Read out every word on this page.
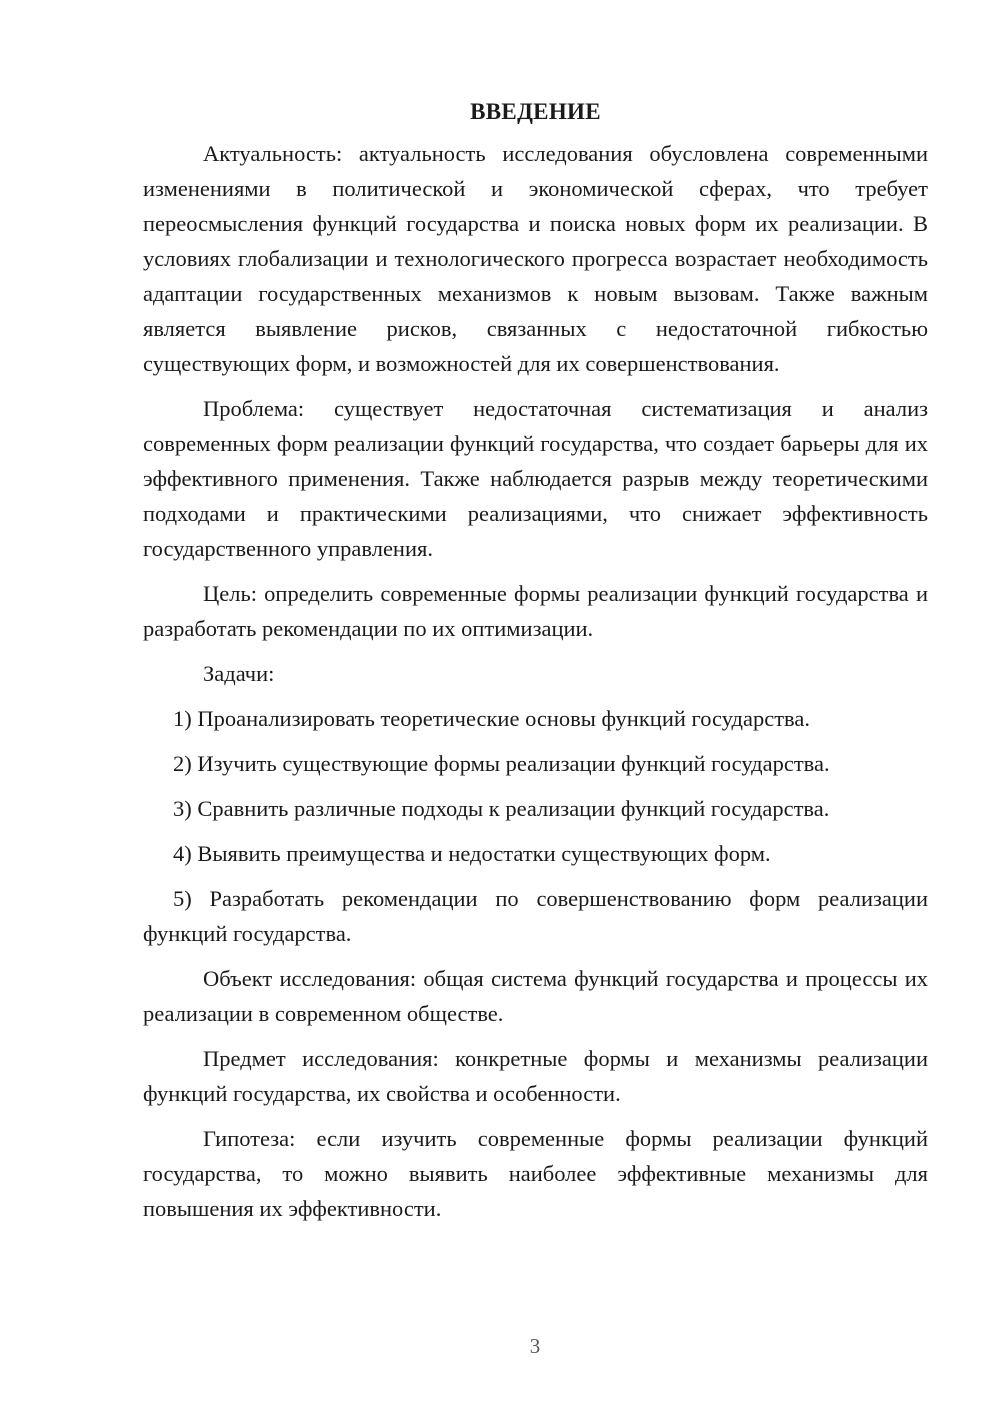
ВВЕДЕНИЕ

Актуальность: актуальность исследования обусловлена современными изменениями в политической и экономической сферах, что требует переосмысления функций государства и поиска новых форм их реализации. В условиях глобализации и технологического прогресса возрастает необходимость адаптации государственных механизмов к новым вызовам. Также важным является выявление рисков, связанных с недостаточной гибкостью существующих форм, и возможностей для их совершенствования.

Проблема: существует недостаточная систематизация и анализ современных форм реализации функций государства, что создает барьеры для их эффективного применения. Также наблюдается разрыв между теоретическими подходами и практическими реализациями, что снижает эффективность государственного управления.

Цель: определить современные формы реализации функций государства и разработать рекомендации по их оптимизации.

Задачи:

1) Проанализировать теоретические основы функций государства.

2) Изучить существующие формы реализации функций государства.

3) Сравнить различные подходы к реализации функций государства.

4) Выявить преимущества и недостатки существующих форм.

5) Разработать рекомендации по совершенствованию форм реализации функций государства.

Объект исследования: общая система функций государства и процессы их реализации в современном обществе.

Предмет исследования: конкретные формы и механизмы реализации функций государства, их свойства и особенности.

Гипотеза: если изучить современные формы реализации функций государства, то можно выявить наиболее эффективные механизмы для повышения их эффективности.

3
